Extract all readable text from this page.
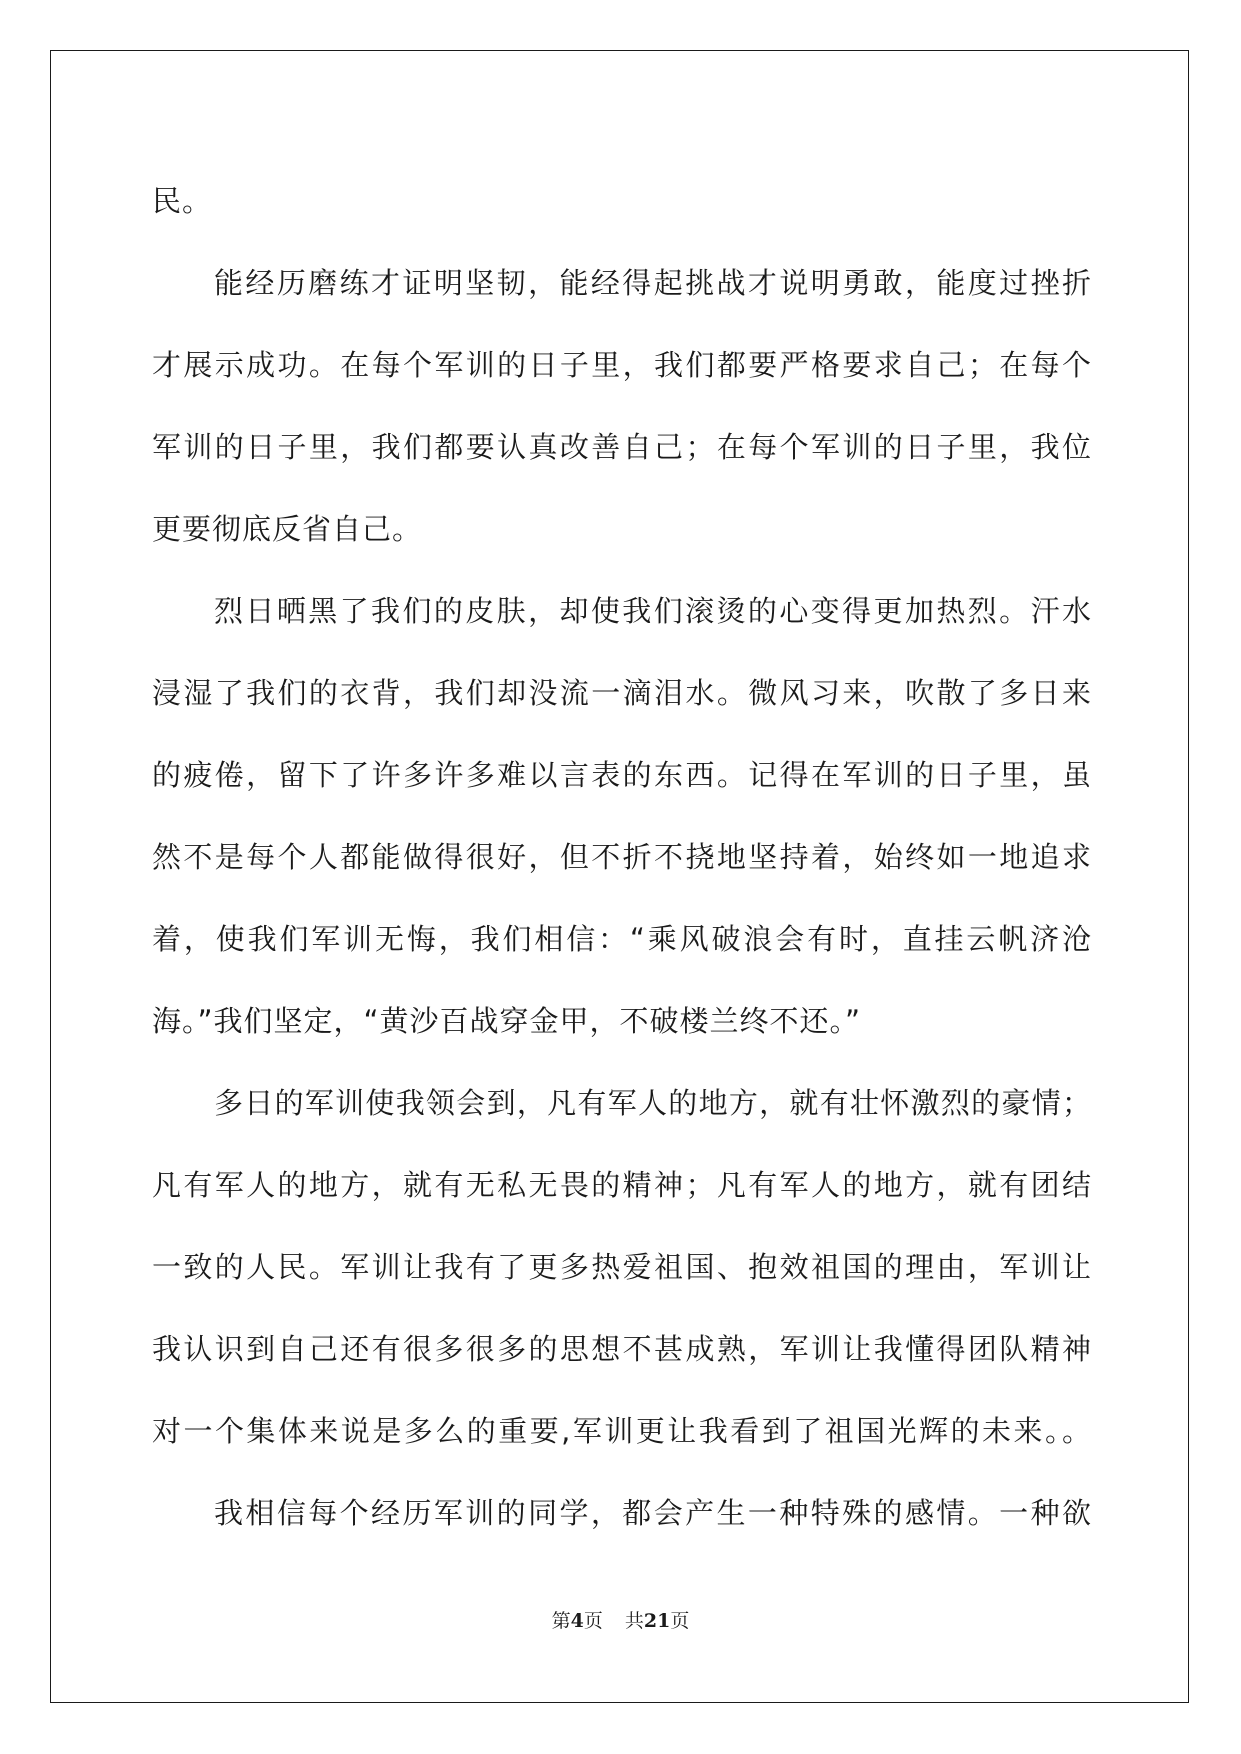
民。

能经历磨练才证明坚韧，能经得起挑战才说明勇敢，能度过挫折

才展示成功。在每个军训的日子里，我们都要严格要求自己；在每个

军训的日子里，我们都要认真改善自己；在每个军训的日子里，我位

更要彻底反省自己。

烈日晒黑了我们的皮肤，却使我们滚烫的心变得更加热烈。汗水

浸湿了我们的衣背，我们却没流一滴泪水。微风习来，吹散了多日来

的疲倦，留下了许多许多难以言表的东西。记得在军训的日子里，虽

然不是每个人都能做得很好，但不折不挠地坚持着，始终如一地追求

着，使我们军训无悔，我们相信：“乘风破浪会有时，直挂云帆济沧

海。”我们坚定，“黄沙百战穿金甲，不破楼兰终不还。”

多日的军训使我领会到，凡有军人的地方，就有壮怀激烈的豪情；

凡有军人的地方，就有无私无畏的精神；凡有军人的地方，就有团结

一致的人民。军训让我有了更多热爱祖国、抱效祖国的理由，军训让

我认识到自己还有很多很多的思想不甚成熟，军训让我懂得团队精神

对一个集体来说是多么的重要,军训更让我看到了祖国光辉的未来。。

我相信每个经历军训的同学，都会产生一种特殊的感情。一种欲

第4页 共21页
